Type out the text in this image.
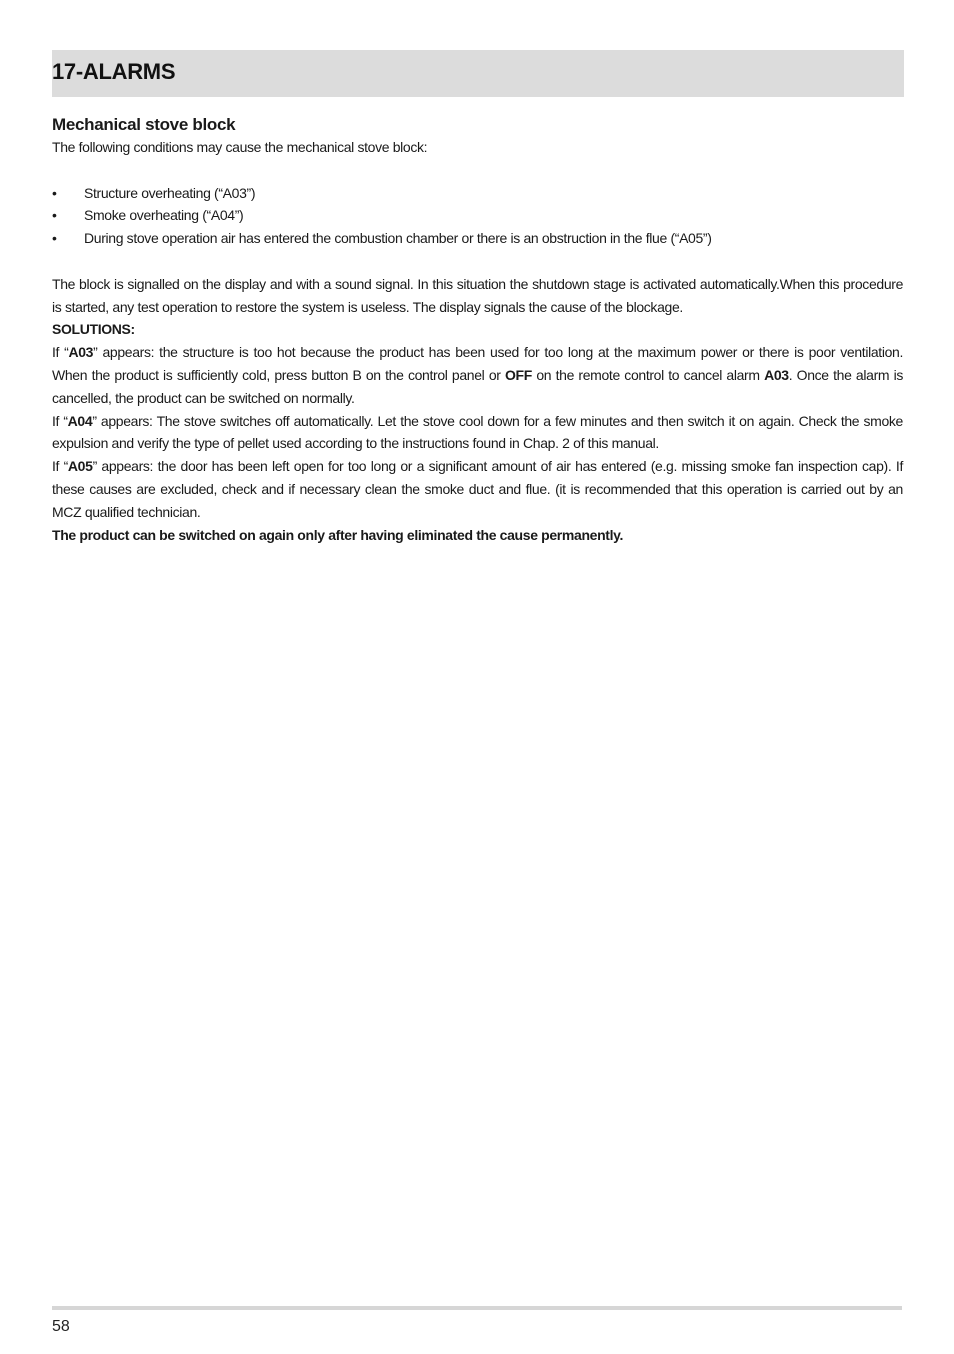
17-ALARMS
Mechanical stove block

The following conditions may cause the mechanical stove block:

• Structure overheating (“A03”)
• Smoke overheating (“A04”)
• During stove operation air has entered the combustion chamber or there is an obstruction in the flue (“A05”)

The block is signalled on the display and with a sound signal. In this situation the shutdown stage is activated automatically.When this procedure is started, any test operation to restore the system is useless. The display signals the cause of the blockage.

SOLUTIONS:

If “A03” appears: the structure is too hot because the product has been used for too long at the maximum power or there is poor ventilation. When the product is sufficiently cold, press button B on the control panel or OFF on the remote control to cancel alarm A03. Once the alarm is cancelled, the product can be switched on normally.

If “A04” appears: The stove switches off automatically. Let the stove cool down for a few minutes and then switch it on again. Check the smoke expulsion and verify the type of pellet used according to the instructions found in Chap. 2 of this manual.

If “A05” appears: the door has been left open for too long or a significant amount of air has entered (e.g. missing smoke fan inspection cap). If these causes are excluded, check and if necessary clean the smoke duct and flue. (it is recommended that this operation is carried out by an MCZ qualified technician.

The product can be switched on again only after having eliminated the cause permanently.

58
